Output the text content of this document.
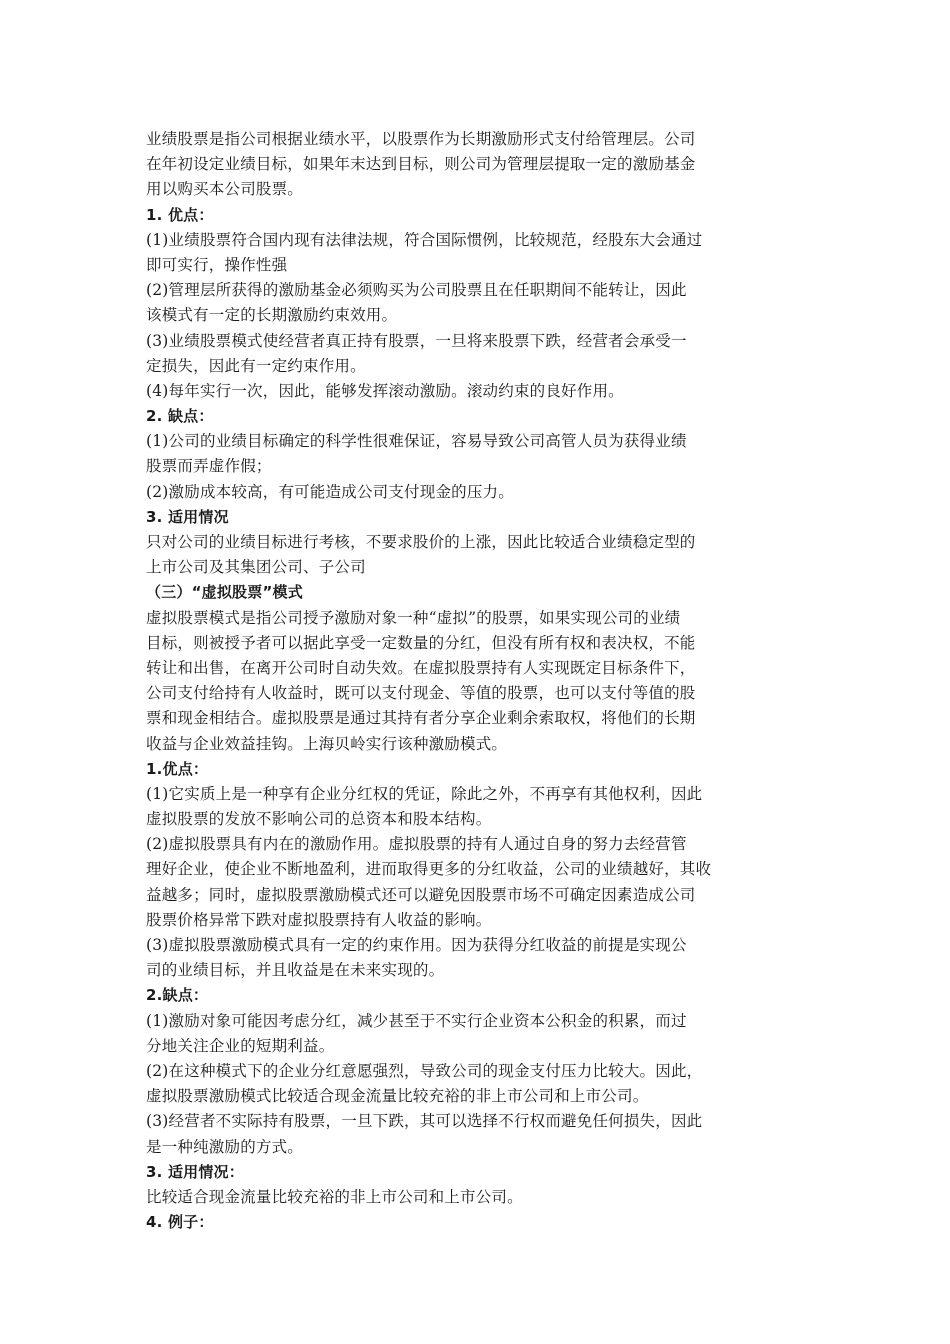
业绩股票是指公司根据业绩水平，以股票作为长期激励形式支付给管理层。公司
在年初设定业绩目标，如果年末达到目标，则公司为管理层提取一定的激励基金
用以购买本公司股票。
1. 优点：
(1)业绩股票符合国内现有法律法规，符合国际惯例，比较规范，经股东大会通过
即可实行，操作性强
(2)管理层所获得的激励基金必须购买为公司股票且在任职期间不能转让，因此
该模式有一定的长期激励约束效用。
(3)业绩股票模式使经营者真正持有股票，一旦将来股票下跌，经营者会承受一
定损失，因此有一定约束作用。
(4)每年实行一次，因此，能够发挥滚动激励。滚动约束的良好作用。
2. 缺点：
(1)公司的业绩目标确定的科学性很难保证，容易导致公司高管人员为获得业绩
股票而弄虚作假；
(2)激励成本较高，有可能造成公司支付现金的压力。
3. 适用情况
只对公司的业绩目标进行考核，不要求股价的上涨，因此比较适合业绩稳定型的
上市公司及其集团公司、子公司
（三）“虚拟股票”模式
虚拟股票模式是指公司授予激励对象一种“虚拟”的股票，如果实现公司的业绩
目标，则被授予者可以据此享受一定数量的分红，但没有所有权和表决权，不能
转让和出售，在离开公司时自动失效。在虚拟股票持有人实现既定目标条件下，
公司支付给持有人收益时，既可以支付现金、等值的股票，也可以支付等值的股
票和现金相结合。虚拟股票是通过其持有者分享企业剩余索取权，将他们的长期
收益与企业效益挂钩。上海贝岭实行该种激励模式。
1.优点：
(1)它实质上是一种享有企业分红权的凭证，除此之外，不再享有其他权利，因此
虚拟股票的发放不影响公司的总资本和股本结构。
(2)虚拟股票具有内在的激励作用。虚拟股票的持有人通过自身的努力去经营管
理好企业，使企业不断地盈利，进而取得更多的分红收益，公司的业绩越好，其收
益越多；同时，虚拟股票激励模式还可以避免因股票市场不可确定因素造成公司
股票价格异常下跌对虚拟股票持有人收益的影响。
(3)虚拟股票激励模式具有一定的约束作用。因为获得分红收益的前提是实现公
司的业绩目标，并且收益是在未来实现的。
2.缺点：
(1)激励对象可能因考虑分红，减少甚至于不实行企业资本公积金的积累，而过
分地关注企业的短期利益。
(2)在这种模式下的企业分红意愿强烈，导致公司的现金支付压力比较大。因此，
虚拟股票激励模式比较适合现金流量比较充裕的非上市公司和上市公司。
(3)经营者不实际持有股票，一旦下跌，其可以选择不行权而避免任何损失，因此
是一种纯激励的方式。
3. 适用情况：
比较适合现金流量比较充裕的非上市公司和上市公司。
4. 例子：
